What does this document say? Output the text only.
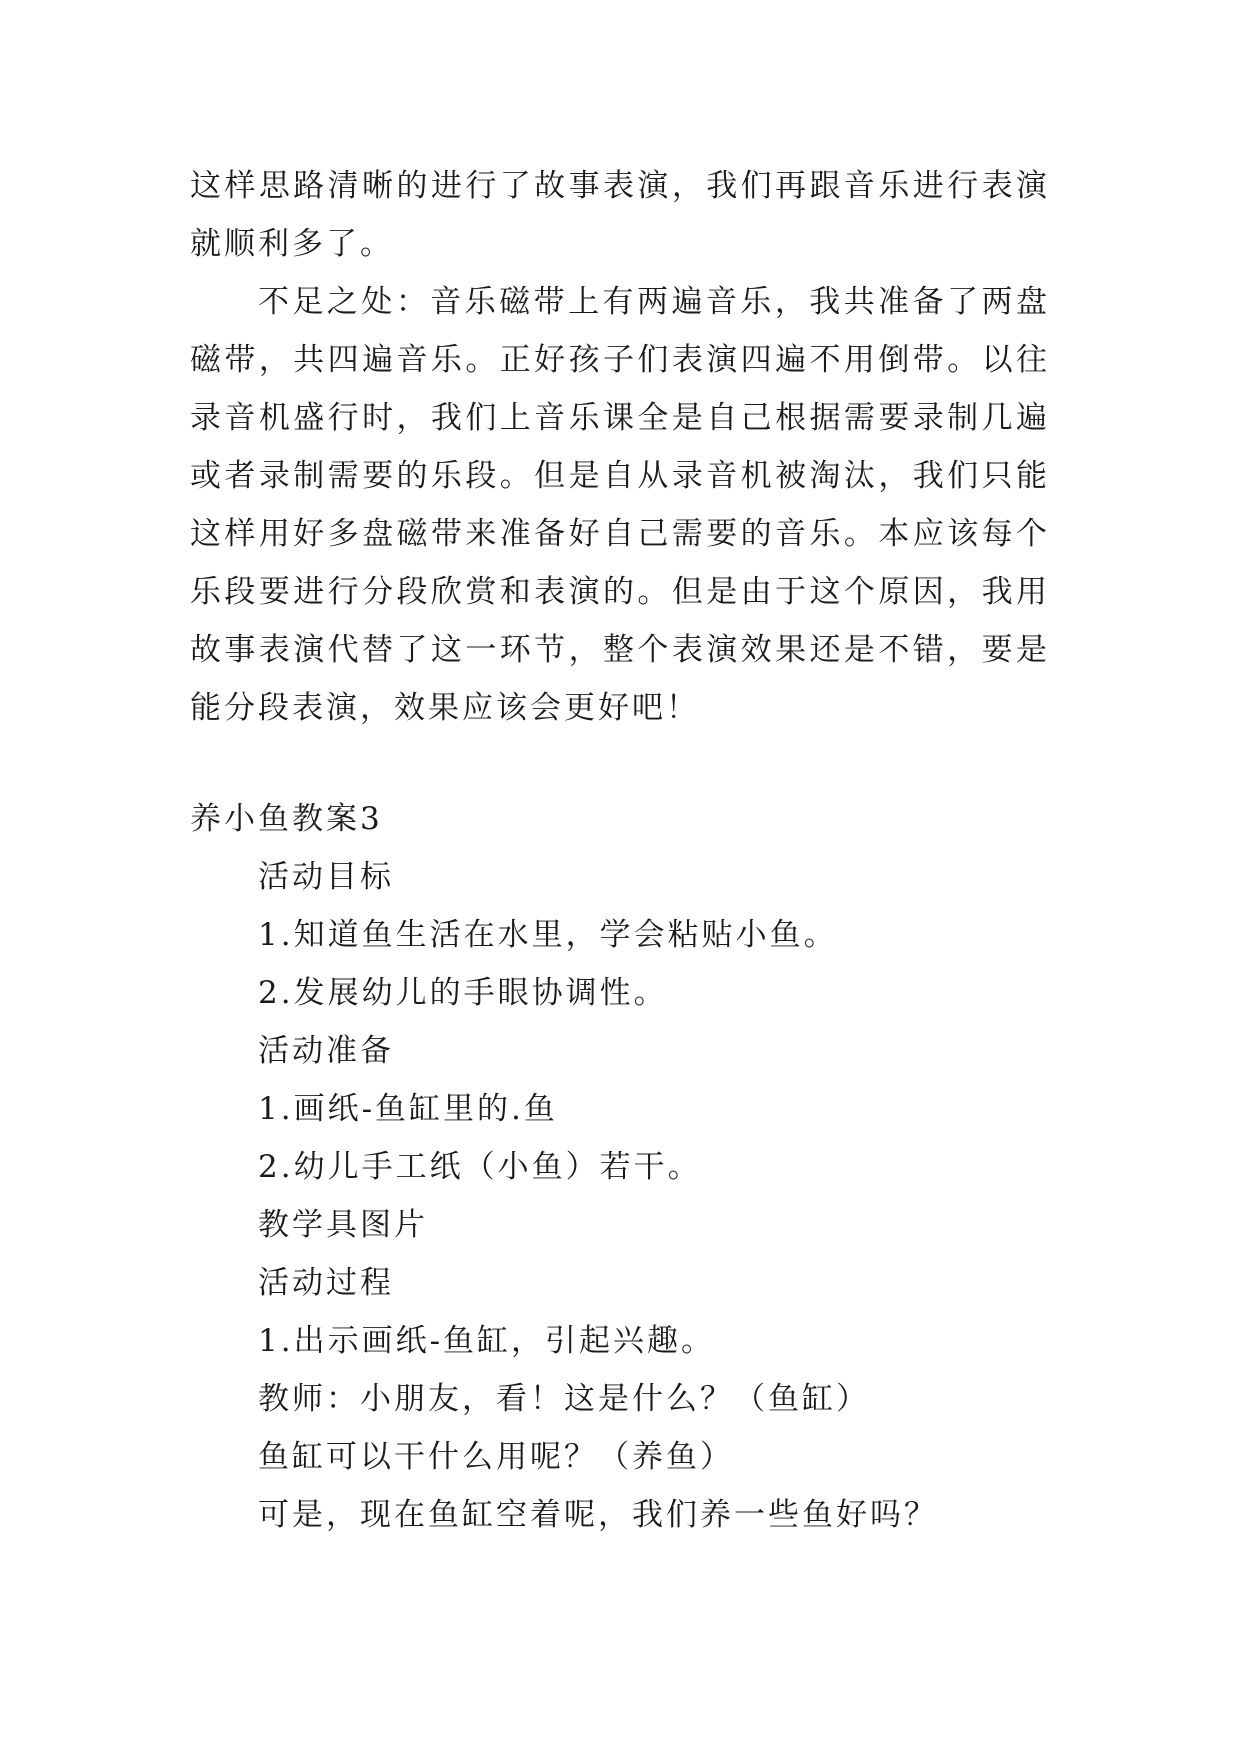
这样思路清晰的进行了故事表演，我们再跟音乐进行表演就顺利多了。

不足之处：音乐磁带上有两遍音乐，我共准备了两盘磁带，共四遍音乐。正好孩子们表演四遍不用倒带。以往录音机盛行时，我们上音乐课全是自己根据需要录制几遍或者录制需要的乐段。但是自从录音机被淘汰，我们只能这样用好多盘磁带来准备好自己需要的音乐。本应该每个乐段要进行分段欣赏和表演的。但是由于这个原因，我用故事表演代替了这一环节，整个表演效果还是不错，要是能分段表演，效果应该会更好吧！

养小鱼教案3
活动目标
1.知道鱼生活在水里，学会粘贴小鱼。
2.发展幼儿的手眼协调性。
活动准备
1.画纸-鱼缸里的.鱼
2.幼儿手工纸（小鱼）若干。
教学具图片
活动过程
1.出示画纸-鱼缸，引起兴趣。
教师：小朋友，看！这是什么？（鱼缸）
鱼缸可以干什么用呢？（养鱼）
可是，现在鱼缸空着呢，我们养一些鱼好吗？
